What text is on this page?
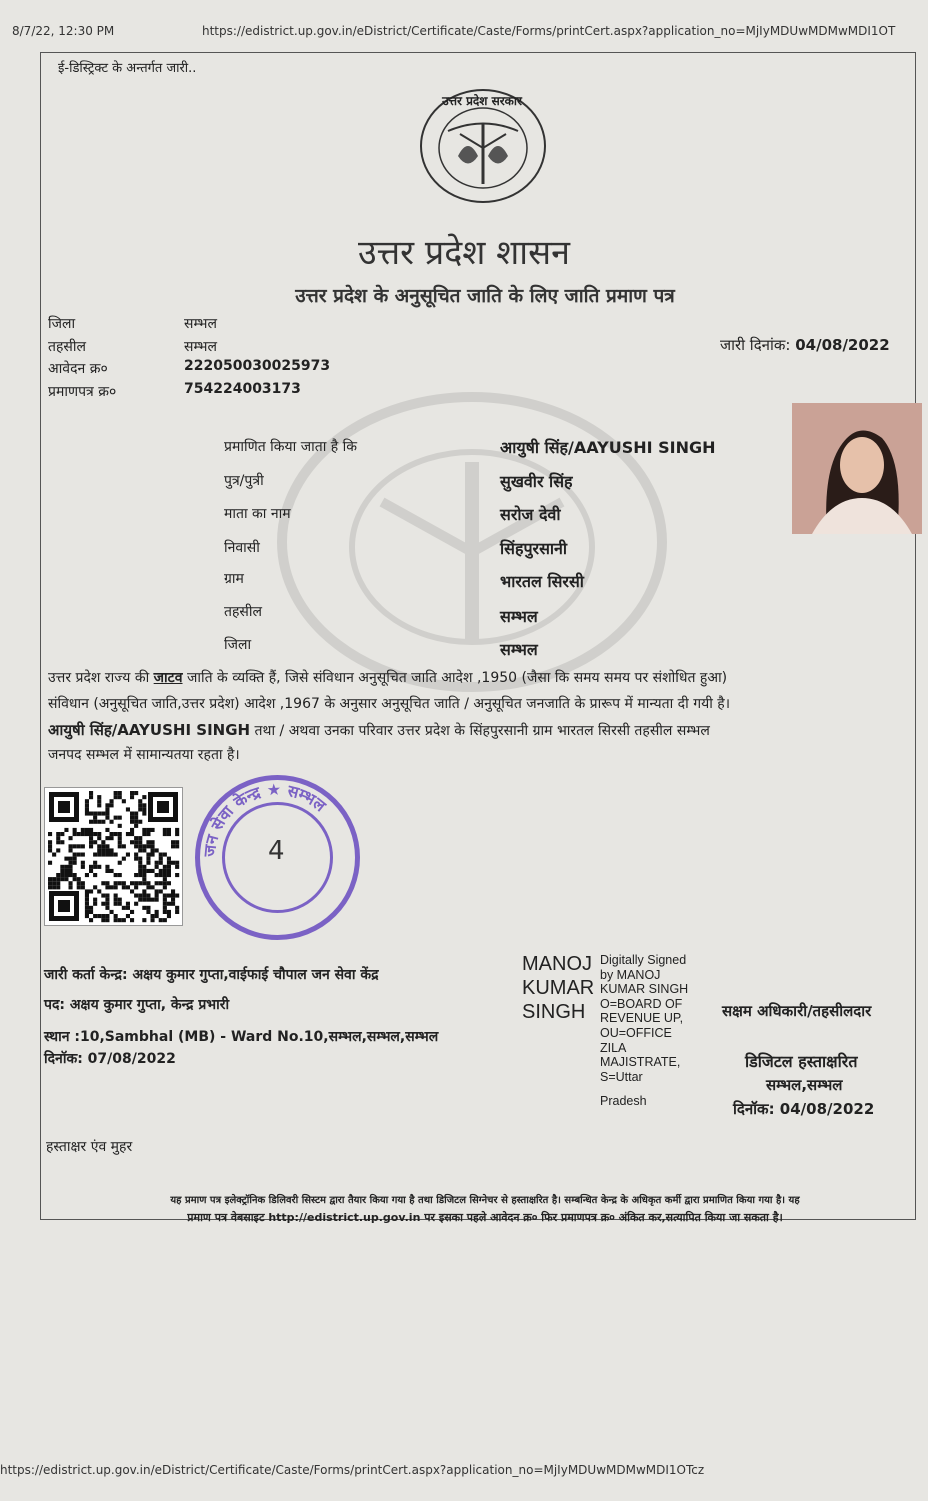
8/7/22, 12:30 PM	https://edistrict.up.gov.in/eDistrict/Certificate/Caste/Forms/printCert.aspx?application_no=MjIyMDUwMDMwMDI1OT
ई-डिस्ट्रिक्ट के अन्तर्गत जारी..
उत्तर प्रदेश सरकार
उत्तर प्रदेश शासन
उत्तर प्रदेश के अनुसूचित जाति के लिए जाति प्रमाण पत्र
जिला	सम्भल
तहसील	सम्भल
आवेदन क्र०	222050030025973
प्रमाणपत्र क्र०	754224003173
जारी दिनांक: 04/08/2022
प्रमाणित किया जाता है कि	आयुषी सिंह/AAYUSHI SINGH
पुत्र/पुत्री	सुखवीर सिंह
माता का नाम	सरोज देवी
निवासी	सिंहपुरसानी
ग्राम	भारतल सिरसी
तहसील	सम्भल
जिला	सम्भल
उत्तर प्रदेश राज्य की जाटव जाति के व्यक्ति हैं, जिसे संविधान अनुसूचित जाति आदेश ,1950 (जैसा कि समय समय पर संशोधित हुआ)
संविधान (अनुसूचित जाति,उत्तर प्रदेश) आदेश ,1967 के अनुसार अनुसूचित जाति / अनुसूचित जनजाति के प्रारूप में मान्यता दी गयी है।
आयुषी सिंह/AAYUSHI SINGH तथा / अथवा उनका परिवार उत्तर प्रदेश के सिंहपुरसानी ग्राम भारतल सिरसी तहसील सम्भल
जनपद सम्भल में सामान्यतया रहता है।
जन सेवा केन्द्र ★ सम्भल
4
जारी कर्ता केन्द्र: अक्षय कुमार गुप्ता,वाईफाई चौपाल जन सेवा केंद्र
पद: अक्षय कुमार गुप्ता, केन्द्र प्रभारी
स्थान :10,Sambhal (MB) - Ward No.10,सम्भल,सम्भल,सम्भल
दिनॉक: 07/08/2022
MANOJ
KUMAR
SINGH
Digitally Signed
by MANOJ
KUMAR SINGH
O=BOARD OF
REVENUE UP,
OU=OFFICE
ZILA
MAJISTRATE,
S=Uttar
Pradesh
सक्षम अधिकारी/तहसीलदार
डिजिटल हस्ताक्षरित
सम्भल,सम्भल
दिनॉक: 04/08/2022
हस्ताक्षर एंव मुहर
यह प्रमाण पत्र इलेक्ट्रॉनिक डिलिवरी सिस्टम द्वारा तैयार किया गया है तथा डिजिटल सिग्नेचर से हस्ताक्षरित है। सम्बन्धित केन्द्र के अधिकृत कर्मी द्वारा प्रमाणित किया गया है। यह
प्रमाण पत्र वेबसाइट http://edistrict.up.gov.in पर इसका पहले आवेदन क्र० फिर प्रमाणपत्र क्र० अंकित कर,सत्यापित किया जा सकता है।
https://edistrict.up.gov.in/eDistrict/Certificate/Caste/Forms/printCert.aspx?application_no=MjIyMDUwMDMwMDI1OTcz
